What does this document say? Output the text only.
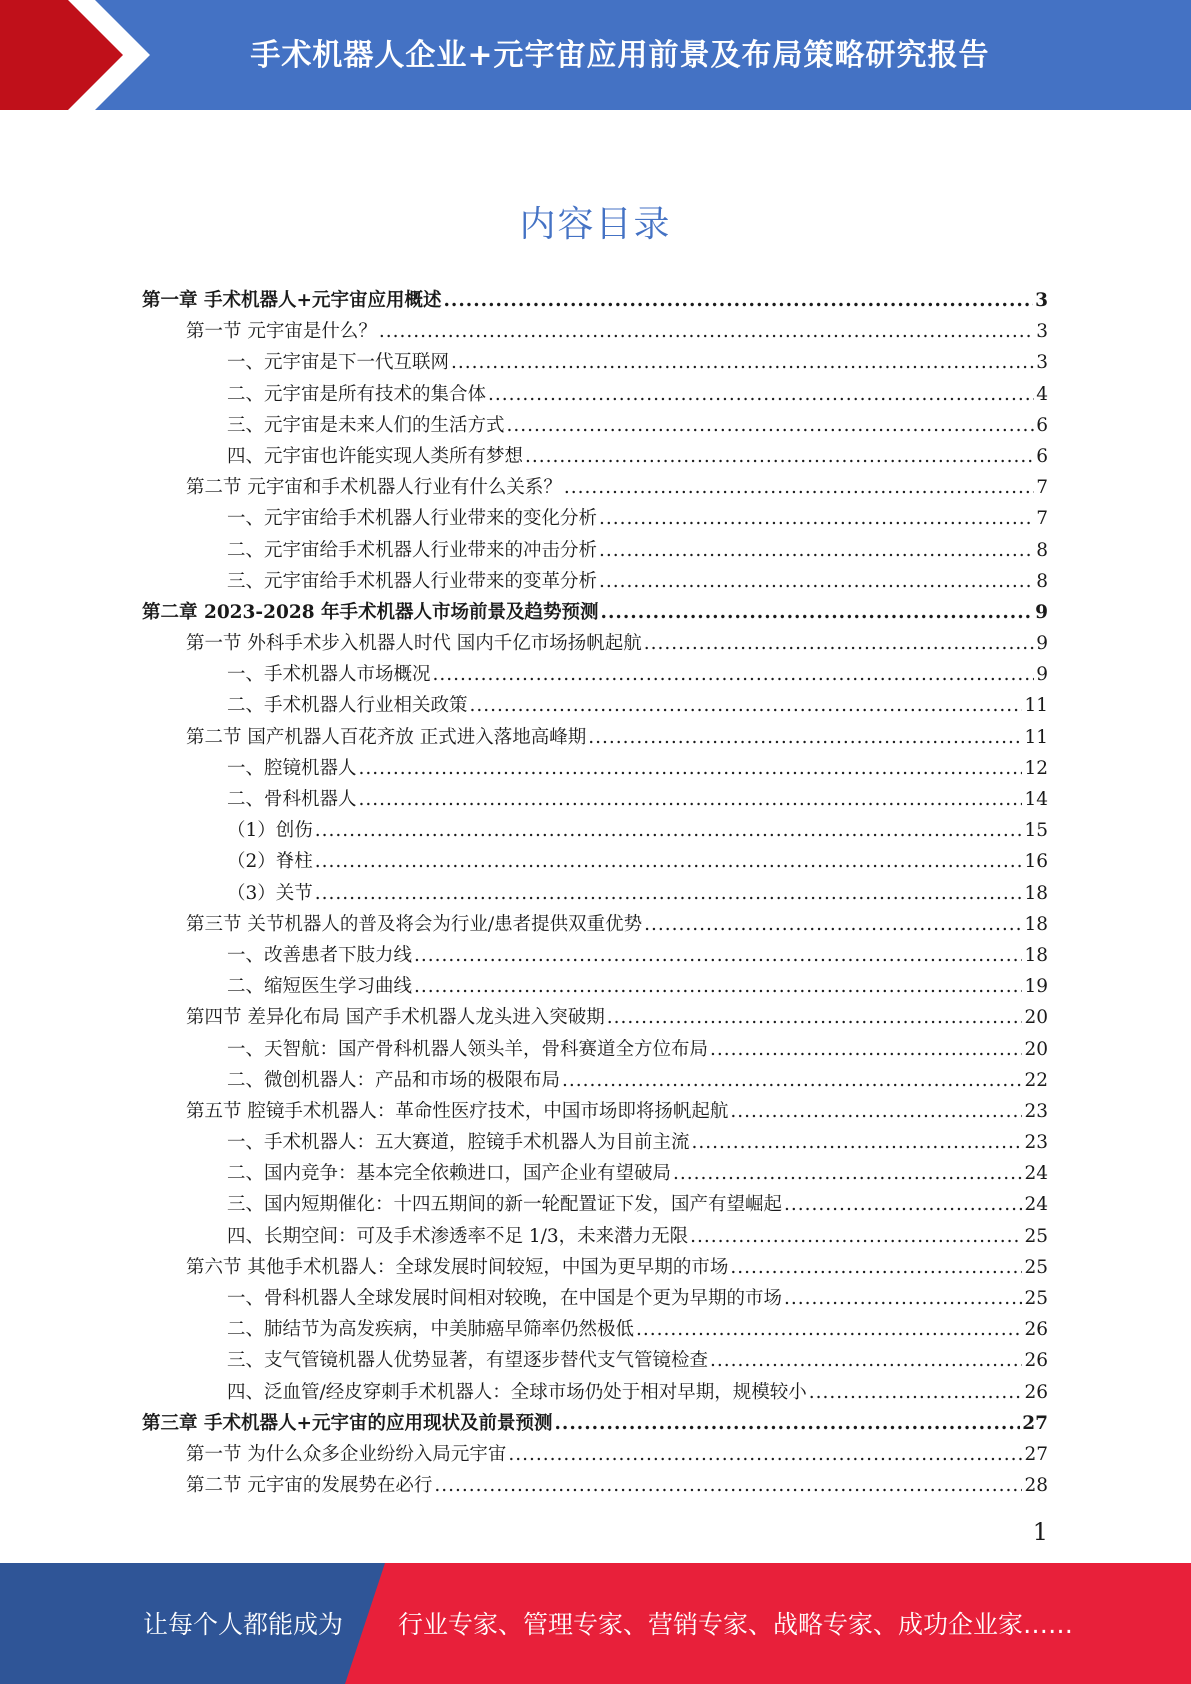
手术机器人企业+元宇宙应用前景及布局策略研究报告
内容目录
第一章 手术机器人+元宇宙应用概述 .....	3
第一节 元宇宙是什么？ .....	3
一、元宇宙是下一代互联网 .....	3
二、元宇宙是所有技术的集合体 .....	4
三、元宇宙是未来人们的生活方式 .....	6
四、元宇宙也许能实现人类所有梦想 .....	6
第二节 元宇宙和手术机器人行业有什么关系？ .....	7
一、元宇宙给手术机器人行业带来的变化分析 .....	7
二、元宇宙给手术机器人行业带来的冲击分析 .....	8
三、元宇宙给手术机器人行业带来的变革分析 .....	8
第二章 2023-2028 年手术机器人市场前景及趋势预测 .....	9
第一节 外科手术步入机器人时代 国内千亿市场扬帆起航 .....	9
一、手术机器人市场概况 .....	9
二、手术机器人行业相关政策 .....	11
第二节 国产机器人百花齐放 正式进入落地高峰期 .....	11
一、腔镜机器人 .....	12
二、骨科机器人 .....	14
（1）创伤 .....	15
（2）脊柱 .....	16
（3）关节 .....	18
第三节 关节机器人的普及将会为行业/患者提供双重优势 .....	18
一、改善患者下肢力线 .....	18
二、缩短医生学习曲线 .....	19
第四节 差异化布局 国产手术机器人龙头进入突破期 .....	20
一、天智航：国产骨科机器人领头羊，骨科赛道全方位布局 .....	20
二、微创机器人：产品和市场的极限布局 .....	22
第五节 腔镜手术机器人：革命性医疗技术，中国市场即将扬帆起航 .....	23
一、手术机器人：五大赛道，腔镜手术机器人为目前主流 .....	23
二、国内竞争：基本完全依赖进口，国产企业有望破局 .....	24
三、国内短期催化：十四五期间的新一轮配置证下发，国产有望崛起 .....	24
四、长期空间：可及手术渗透率不足 1/3，未来潜力无限 .....	25
第六节 其他手术机器人：全球发展时间较短，中国为更早期的市场 .....	25
一、骨科机器人全球发展时间相对较晚，在中国是个更为早期的市场 .....	25
二、肺结节为高发疾病，中美肺癌早筛率仍然极低 .....	26
三、支气管镜机器人优势显著，有望逐步替代支气管镜检查 .....	26
四、泛血管/经皮穿刺手术机器人：全球市场仍处于相对早期，规模较小 .....	26
第三章 手术机器人+元宇宙的应用现状及前景预测 .....	27
第一节 为什么众多企业纷纷入局元宇宙 .....	27
第二节 元宇宙的发展势在必行 .....	28
1
让每个人都能成为 行业专家、管理专家、营销专家、战略专家、成功企业家……
